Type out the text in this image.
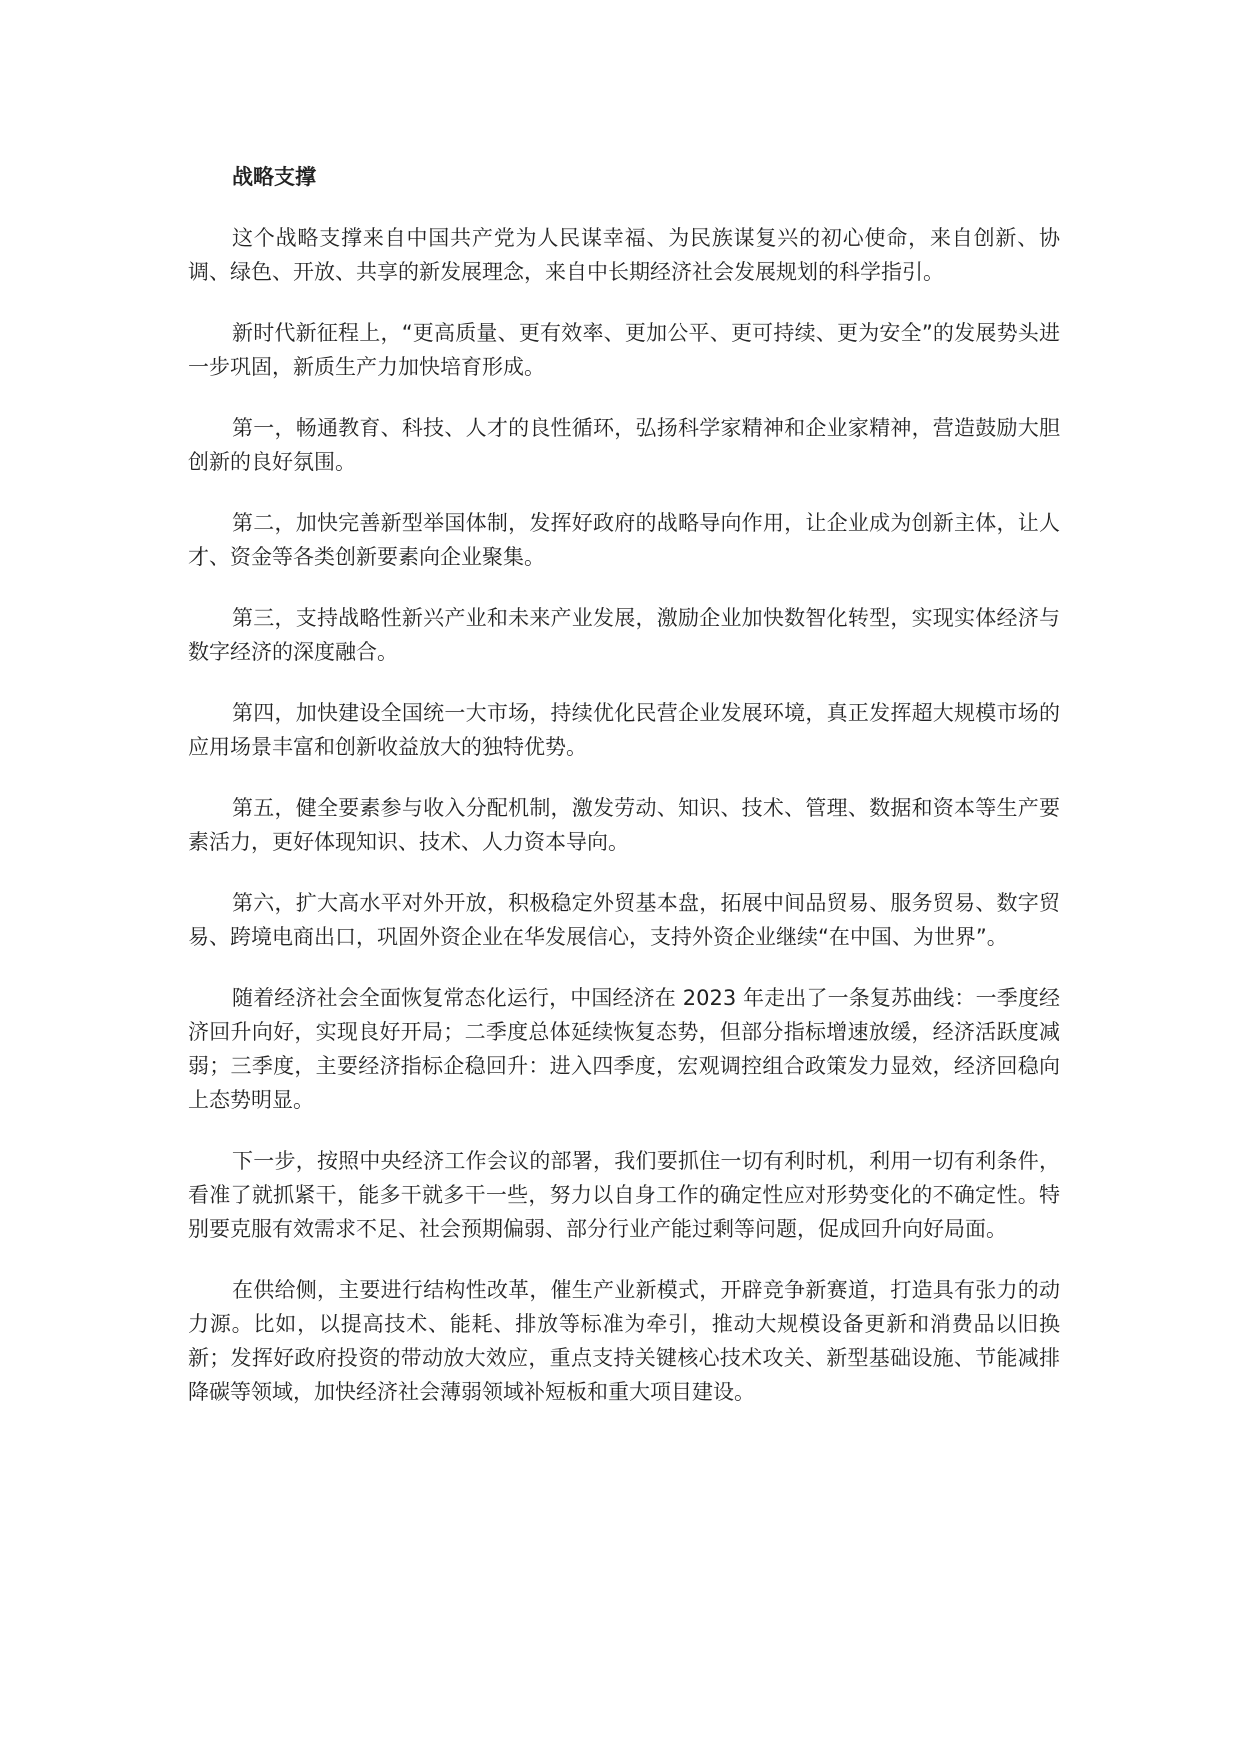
战略支撑

这个战略支撑来自中国共产党为人民谋幸福、为民族谋复兴的初心使命，来自创新、协调、绿色、开放、共享的新发展理念，来自中长期经济社会发展规划的科学指引。

新时代新征程上，“更高质量、更有效率、更加公平、更可持续、更为安全”的发展势头进一步巩固，新质生产力加快培育形成。

第一，畅通教育、科技、人才的良性循环，弘扬科学家精神和企业家精神，营造鼓励大胆创新的良好氛围。

第二，加快完善新型举国体制，发挥好政府的战略导向作用，让企业成为创新主体，让人才、资金等各类创新要素向企业聚集。

第三，支持战略性新兴产业和未来产业发展，激励企业加快数智化转型，实现实体经济与数字经济的深度融合。

第四，加快建设全国统一大市场，持续优化民营企业发展环境，真正发挥超大规模市场的应用场景丰富和创新收益放大的独特优势。

第五，健全要素参与收入分配机制，激发劳动、知识、技术、管理、数据和资本等生产要素活力，更好体现知识、技术、人力资本导向。

第六，扩大高水平对外开放，积极稳定外贸基本盘，拓展中间品贸易、服务贸易、数字贸易、跨境电商出口，巩固外资企业在华发展信心，支持外资企业继续“在中国、为世界”。

随着经济社会全面恢复常态化运行，中国经济在 2023 年走出了一条复苏曲线：一季度经济回升向好，实现良好开局；二季度总体延续恢复态势，但部分指标增速放缓，经济活跃度减弱；三季度，主要经济指标企稳回升：进入四季度，宏观调控组合政策发力显效，经济回稳向上态势明显。

下一步，按照中央经济工作会议的部署，我们要抓住一切有利时机，利用一切有利条件，看准了就抓紧干，能多干就多干一些，努力以自身工作的确定性应对形势变化的不确定性。特别要克服有效需求不足、社会预期偏弱、部分行业产能过剩等问题，促成回升向好局面。

在供给侧，主要进行结构性改革，催生产业新模式，开辟竞争新赛道，打造具有张力的动力源。比如，以提高技术、能耗、排放等标准为牵引，推动大规模设备更新和消费品以旧换新；发挥好政府投资的带动放大效应，重点支持关键核心技术攻关、新型基础设施、节能减排降碳等领域，加快经济社会薄弱领域补短板和重大项目建设。
